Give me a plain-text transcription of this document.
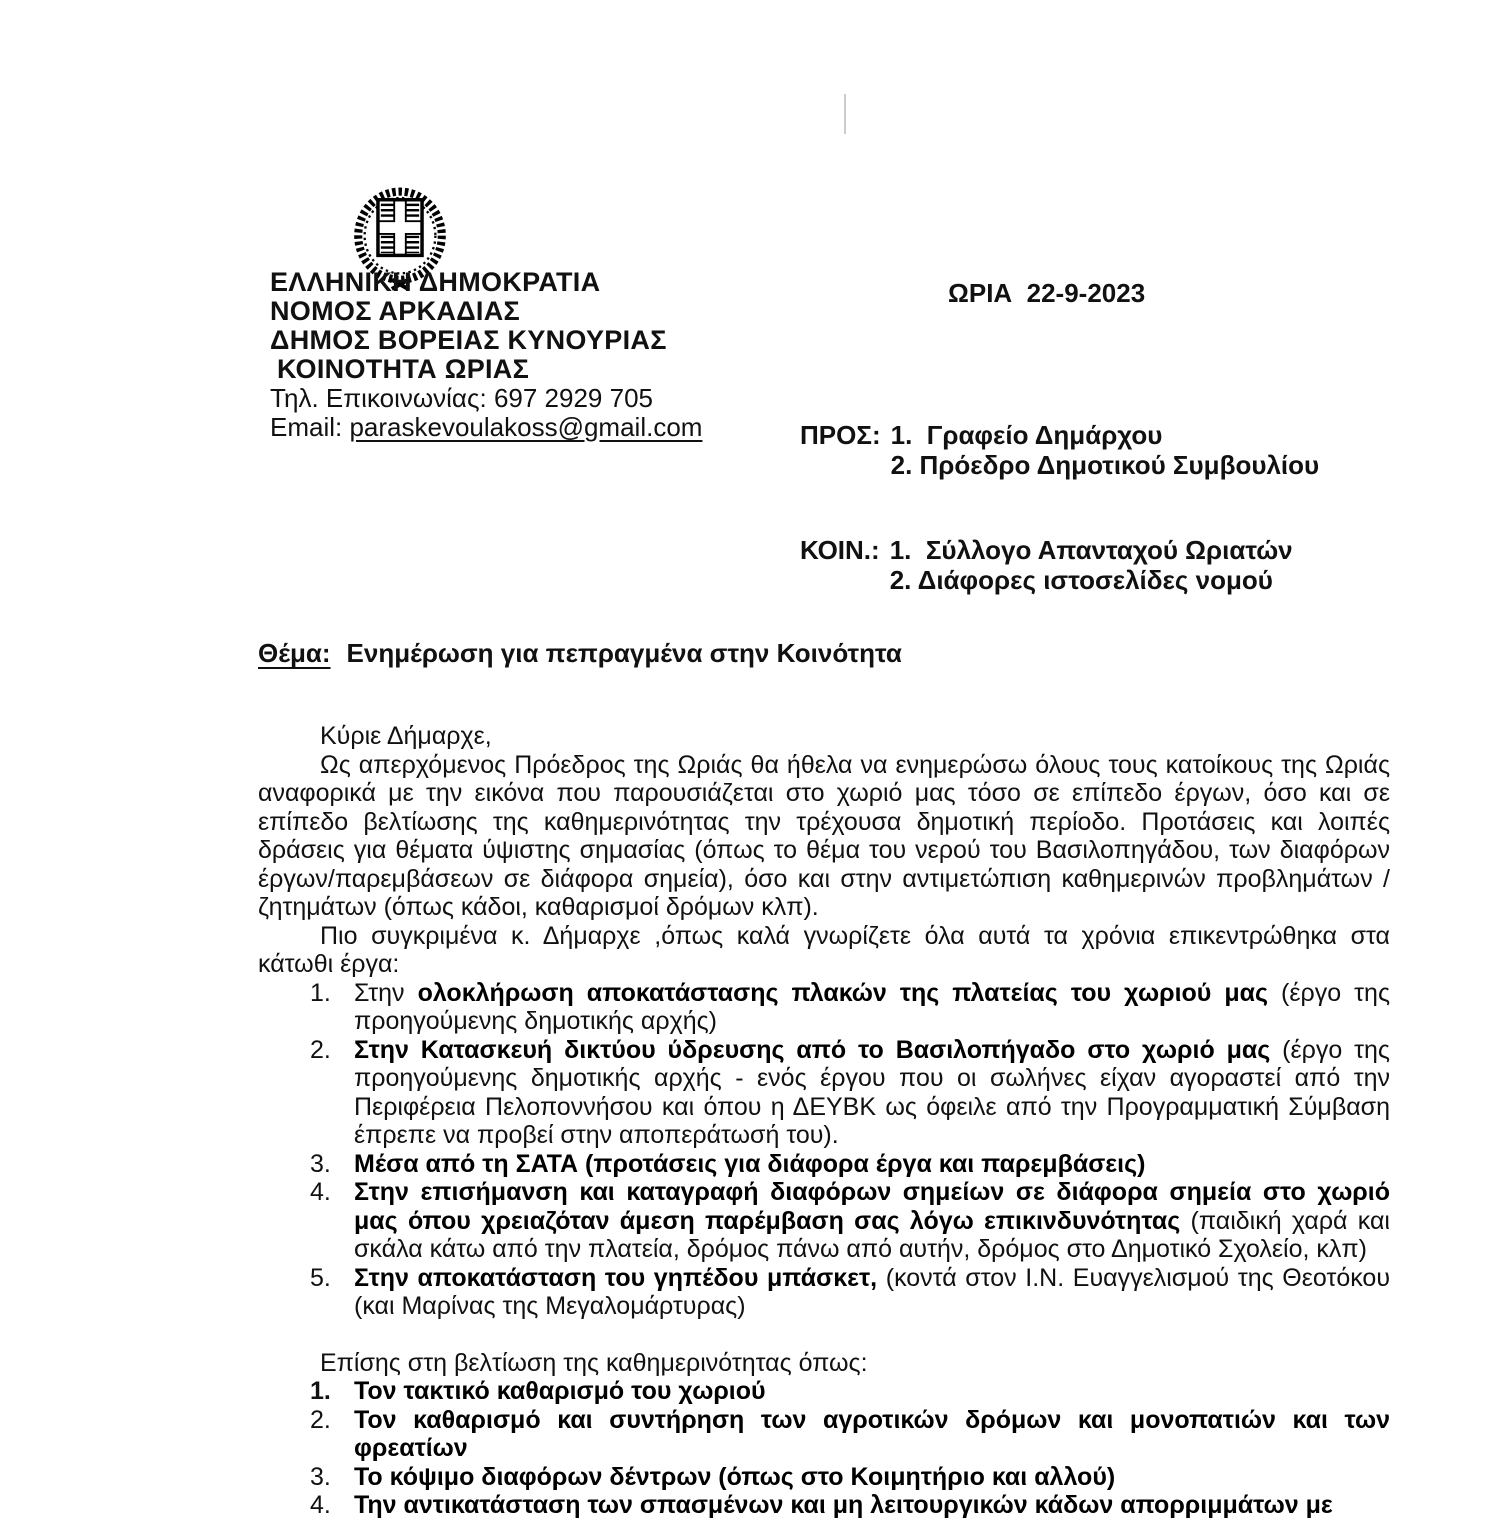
ΕΛΛΗΝΙΚΗ ΔΗΜΟΚΡΑΤΙΑ
ΝΟΜΟΣ ΑΡΚΑΔΙΑΣ
ΔΗΜΟΣ ΒΟΡΕΙΑΣ ΚΥΝΟΥΡΙΑΣ
ΚΟΙΝΟΤΗΤΑ ΩΡΙΑΣ
Τηλ. Επικοινωνίας: 697 2929 705
Email: paraskevoulakoss@gmail.com
ΩΡΙΑ  22-9-2023
ΠΡΟΣ: 1.  Γραφείο Δημάρχου
2. Πρόεδρο Δημοτικού Συμβουλίου
ΚΟΙΝ.: 1.  Σύλλογο Απανταχού Ωριατών
2. Διάφορες ιστοσελίδες νομού
Θέμα: Ενημέρωση για πεπραγμένα στην Κοινότητα
Κύριε Δήμαρχε,
Ως απερχόμενος Πρόεδρος της Ωριάς θα ήθελα να ενημερώσω όλους τους κατοίκους της Ωριάς αναφορικά με την εικόνα που παρουσιάζεται στο χωριό μας τόσο σε επίπεδο έργων, όσο και σε επίπεδο βελτίωσης της καθημερινότητας την τρέχουσα δημοτική περίοδο. Προτάσεις και λοιπές δράσεις για θέματα ύψιστης σημασίας (όπως το θέμα του νερού του Βασιλοπηγάδου, των διαφόρων έργων/παρεμβάσεων σε διάφορα σημεία), όσο και στην αντιμετώπιση καθημερινών προβλημάτων /ζητημάτων (όπως κάδοι, καθαρισμοί δρόμων κλπ).
Πιο συγκριμένα κ. Δήμαρχε ,όπως καλά γνωρίζετε όλα αυτά τα χρόνια επικεντρώθηκα στα κάτωθι έργα:
1. Στην ολοκλήρωση αποκατάστασης πλακών της πλατείας του χωριού μας (έργο της προηγούμενης δημοτικής αρχής)
2. Στην Κατασκευή δικτύου ύδρευσης από το Βασιλοπήγαδο στο χωριό μας (έργο της προηγούμενης δημοτικής αρχής - ενός έργου που οι σωλήνες είχαν αγοραστεί από την Περιφέρεια Πελοποννήσου και όπου η ΔΕΥΒΚ ως όφειλε από την Προγραμματική Σύμβαση έπρεπε να προβεί στην αποπεράτωσή του).
3. Μέσα από τη ΣΑΤΑ (προτάσεις για διάφορα έργα και παρεμβάσεις)
4. Στην επισήμανση και καταγραφή διαφόρων σημείων σε διάφορα σημεία στο χωριό μας όπου χρειαζόταν άμεση παρέμβαση σας λόγω επικινδυνότητας (παιδική χαρά και σκάλα κάτω από την πλατεία, δρόμος πάνω από αυτήν, δρόμος στο Δημοτικό Σχολείο, κλπ)
5. Στην αποκατάσταση του γηπέδου μπάσκετ, (κοντά στον Ι.Ν. Ευαγγελισμού της Θεοτόκου (και Μαρίνας της Μεγαλομάρτυρας)
Επίσης στη βελτίωση της καθημερινότητας όπως:
1. Τον τακτικό καθαρισμό του χωριού
2. Τον καθαρισμό και συντήρηση των αγροτικών δρόμων και μονοπατιών και των φρεατίων
3. Το κόψιμο διαφόρων δέντρων (όπως στο Κοιμητήριο και αλλού)
4. Την αντικατάσταση των σπασμένων και μη λειτουργικών κάδων απορριμμάτων με
